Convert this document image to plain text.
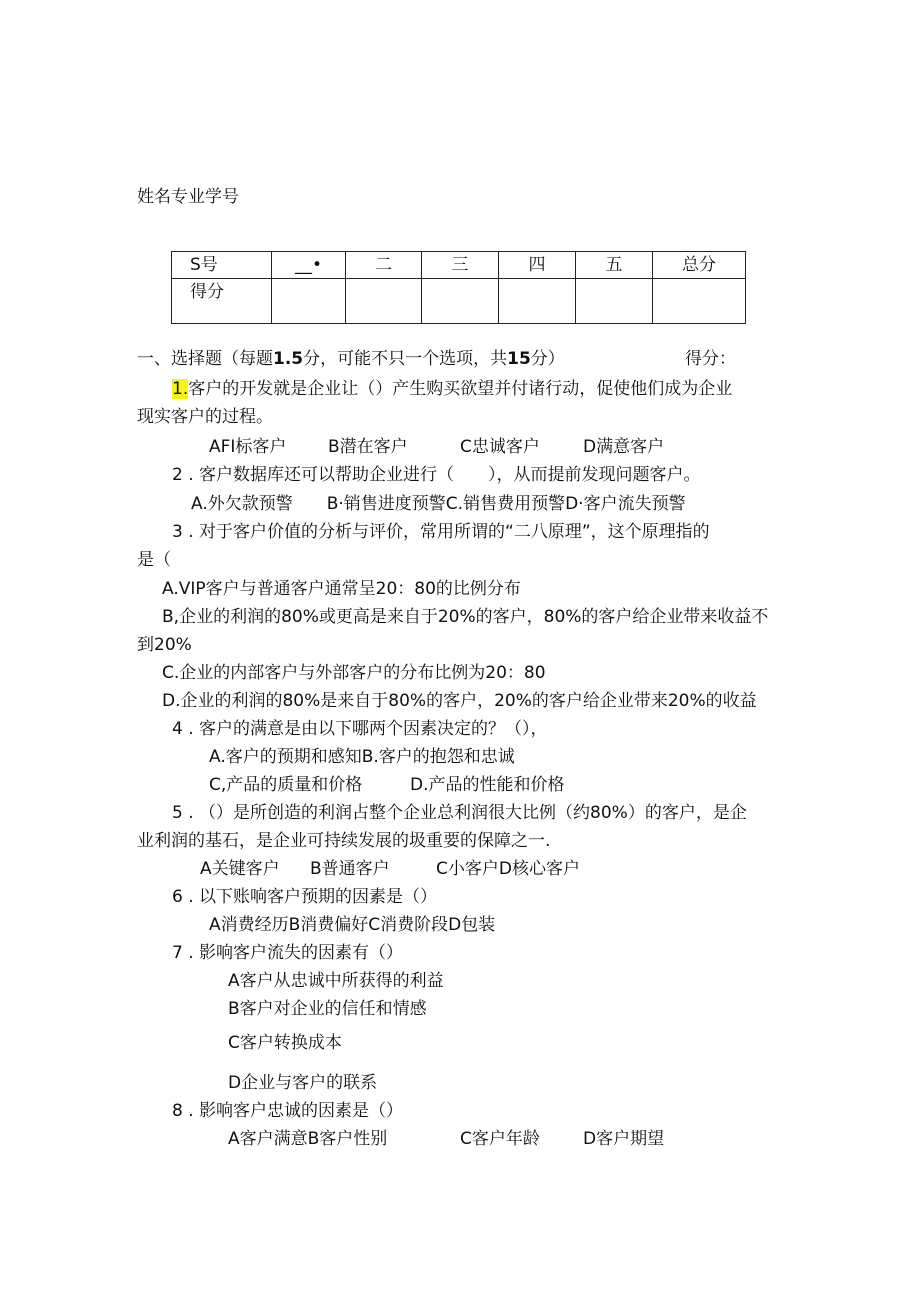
姓名专业学号
S号	__•	二	三	四	五	总分
得分						
一、选择题（每题1.5分，可能不只一个选项，共15分）	得分：
1.客户的开发就是企业让（）产生购买欲望并付诸行动，促使他们成为企业
现实客户的过程。
AFI标客户 B潜在客户	C忠诚客户	D满意客户
2 . 客户数据库还可以帮助企业进行（　　），从而提前发现问题客户。
A.外欠款预警　　B·销售进度预警C.销售费用预警D·客户流失预警
3 . 对于客户价值的分析与评价，常用所谓的“二八原理”，这个原理指的
是（
A.VIP客户与普通客户通常呈20：80的比例分布
B,企业的利润的80%或更高是来自于20%的客户，80%的客户给企业带来收益不
到20%
C.企业的内部客户与外部客户的分布比例为20：80
D.企业的利润的80%是来自于80%的客户，20%的客户给企业带来20%的收益
4 . 客户的满意是由以下哪两个因素决定的？（），
A.客户的预期和感知B.客户的抱怨和忠诚
C,产品的质量和价格	D.产品的性能和价格
5 . （）是所创造的利润占整个企业总利润很大比例（约80%）的客户，是企
业利润的基石，是企业可持续发展的圾重要的保障之一.
A关键客户 B普通客户	C小客户D核心客户
6 . 以下账响客户预期的因素是（）
A消费经历B消费偏好C消费阶段D包装
7 . 影响客户流失的因素有（）
A客户从忠诚中所获得的利益
B客户对企业的信任和情感
C客户转换成本
D企业与客户的联系
8 . 影响客户忠诚的因素是（）
A客户满意B客户性别	C客户年龄	D客户期望
